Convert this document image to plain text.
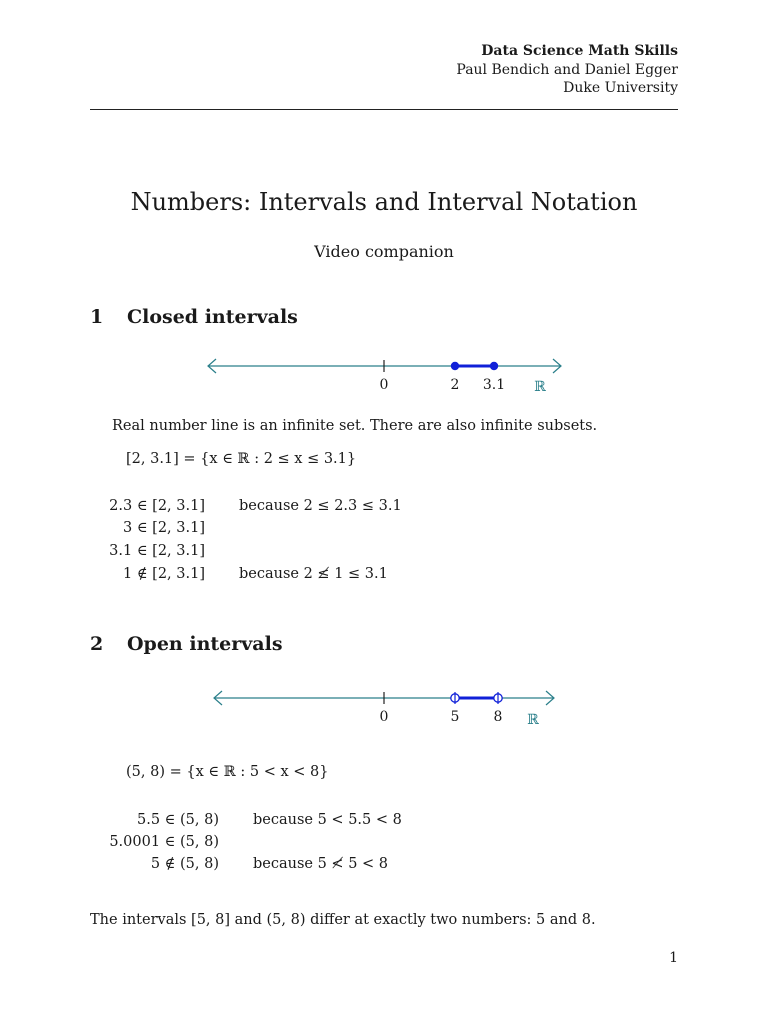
Data Science Math Skills
Paul Bendich and Daniel Egger
Duke University
Numbers: Intervals and Interval Notation
Video companion
1 Closed intervals
0	2 3.1 ℝ
Real number line is an infinite set. There are also infinite subsets.
[2, 3.1] = {x ∈ ℝ : 2 ≤ x ≤ 3.1}
2.3 ∈ [2, 3.1] because 2 ≤ 2.3 ≤ 3.1
3 ∈ [2, 3.1]
3.1 ∈ [2, 3.1]
1 ∉ [2, 3.1] because 2 ≰ 1 ≤ 3.1
2 Open intervals
0	5 8 ℝ
(5, 8) = {x ∈ ℝ : 5 < x < 8}
5.5 ∈ (5, 8) because 5 < 5.5 < 8
5.0001 ∈ (5, 8)
5 ∉ (5, 8) because 5 ≮ 5 < 8
The intervals [5, 8] and (5, 8) differ at exactly two numbers: 5 and 8.
1
